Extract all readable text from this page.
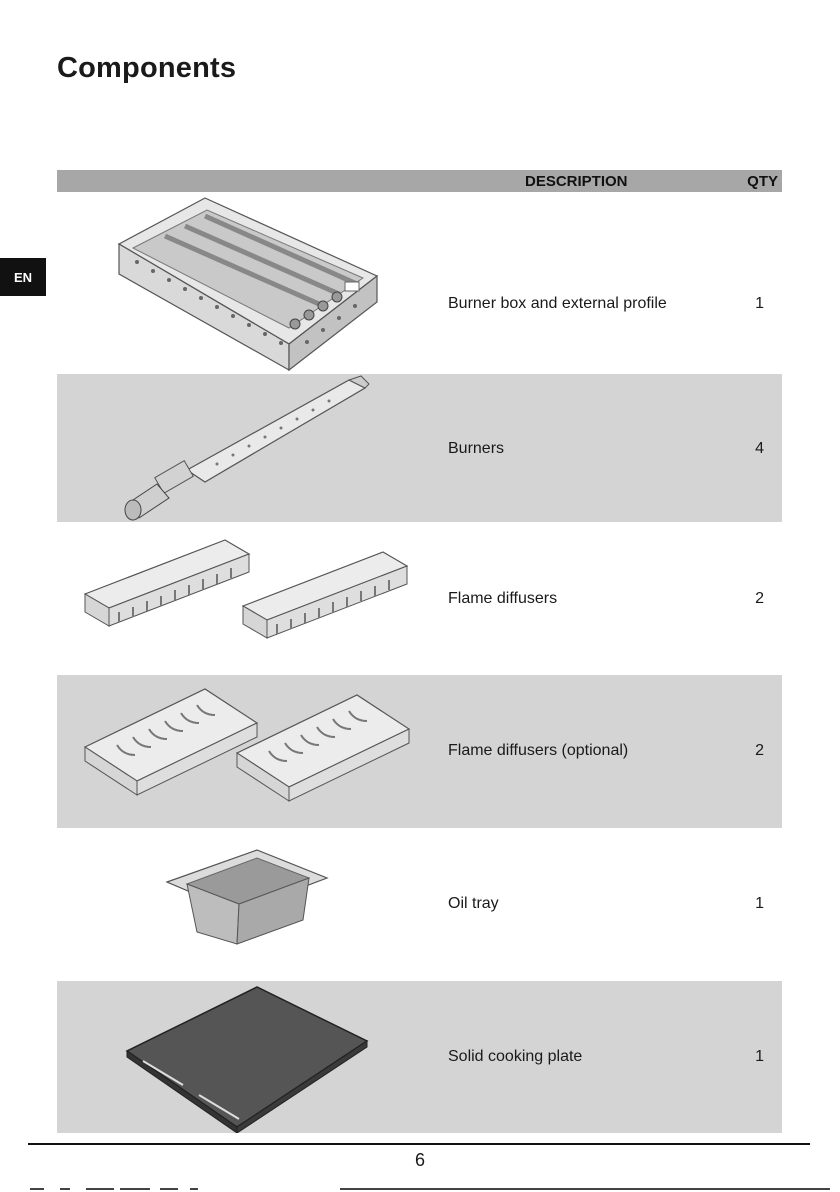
Components
EN
DESCRIPTION	QTY
Burner box and external profile	1
Burners	4
Flame diffusers	2
Flame diffusers (optional)	2
Oil tray	1
Solid cooking plate	1
6
